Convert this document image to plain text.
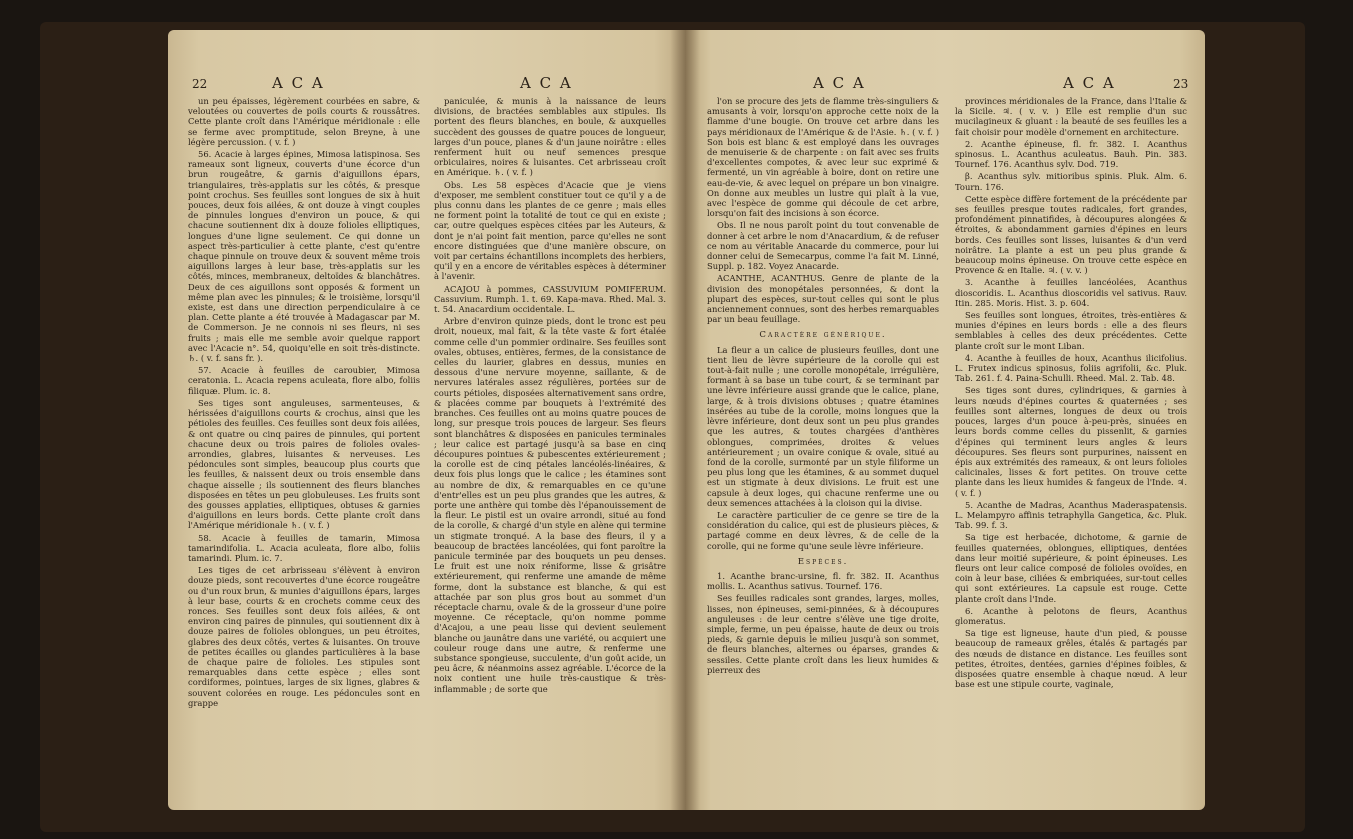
22	A C A	A C A

un peu épaisses, légèrement courbées en sabre, & veloutées ou couvertes de poils courts & roussâtres. Cette plante croît dans l'Amérique méridionale : elle se ferme avec promptitude, selon Breyne, à une légère percussion. ( v. f. )

56. Acacie à larges épines, Mimosa latispinosa. Ses rameaux sont ligneux, couverts d'une écorce d'un brun rougeâtre, & garnis d'aiguillons épars, triangulaires, très-applatis sur les côtés, & presque point crochus. Ses feuilles sont longues de six à huit pouces, deux fois ailées, & ont douze à vingt couples de pinnules longues d'environ un pouce, & qui chacune soutiennent dix à douze folioles elliptiques, longues d'une ligne seulement. Ce qui donne un aspect très-particulier à cette plante, c'est qu'entre chaque pinnule on trouve deux & souvent même trois aiguillons larges à leur base, très-applatis sur les côtés, minces, membraneux, deltoïdes & blanchâtres. Deux de ces aiguillons sont opposés & forment un même plan avec les pinnules; & le troisième, lorsqu'il existe, est dans une direction perpendiculaire à ce plan. Cette plante a été trouvée à Madagascar par M. de Commerson. Je ne connois ni ses fleurs, ni ses fruits ; mais elle me semble avoir quelque rapport avec l'Acacie n°. 54, quoiqu'elle en soit très-distincte. ♄. ( v. f. sans fr. ).

57. Acacie à feuilles de caroubier, Mimosa ceratonia. L. Acacia repens aculeata, flore albo, foliis filiquæ. Plum. ic. 8.

Ses tiges sont anguleuses, sarmenteuses, & hérissées d'aiguillons courts & crochus, ainsi que les pétioles des feuilles. Ces feuilles sont deux fois ailées, & ont quatre ou cinq paires de pinnules, qui portent chacune deux ou trois paires de folioles ovales-arrondies, glabres, luisantes & nerveuses. Les pédoncules sont simples, beaucoup plus courts que les feuilles, & naissent deux ou trois ensemble dans chaque aisselle ; ils soutiennent des fleurs blanches disposées en têtes un peu globuleuses. Les fruits sont des gousses applaties, elliptiques, obtuses & garnies d'aiguillons en leurs bords. Cette plante croît dans l'Amérique méridionale ♄. ( v. f. )

58. Acacie à feuilles de tamarin, Mimosa tamarindifolia. L. Acacia aculeata, flore albo, foliis tamarindi. Plum. ic. 7.

Les tiges de cet arbrisseau s'élèvent à environ douze pieds, sont recouvertes d'une écorce rougeâtre ou d'un roux brun, & munies d'aiguillons épars, larges à leur base, courts & en crochets comme ceux des ronces. Ses feuilles sont deux fois ailées, & ont environ cinq paires de pinnules, qui soutiennent dix à douze paires de folioles oblongues, un peu étroites, glabres des deux côtés, vertes & luisantes. On trouve de petites écailles ou glandes particulières à la base de chaque paire de folioles. Les stipules sont remarquables dans cette espèce ; elles sont cordiformes, pointues, larges de six lignes, glabres & souvent colorées en rouge. Les pédoncules sont en grappe

paniculée, & munis à la naissance de leurs divisions, de bractées semblables aux stipules. Ils portent des fleurs blanches, en boule, & auxquelles succèdent des gousses de quatre pouces de longueur, larges d'un pouce, planes & d'un jaune noirâtre : elles renferment huit ou neuf semences presque orbiculaires, noires & luisantes. Cet arbrisseau croît en Amérique. ♄. ( v. f. )

Obs. Les 58 espèces d'Acacie que je viens d'exposer, me semblent constituer tout ce qu'il y a de plus connu dans les plantes de ce genre ; mais elles ne forment point la totalité de tout ce qui en existe ; car, outre quelques espèces citées par les Auteurs, & dont je n'ai point fait mention, parce qu'elles ne sont encore distinguées que d'une manière obscure, on voit par certains échantillons incomplets des herbiers, qu'il y en a encore de véritables espèces à déterminer à l'avenir.

ACAJOU à pommes, CASSUVIUM POMIFERUM. Cassuvium. Rumph. 1. t. 69. Kapa-mava. Rhed. Mal. 3. t. 54. Anacardium occidentale. L.

Arbre d'environ quinze pieds, dont le tronc est peu droit, noueux, mal fait, & la tête vaste & fort étalée comme celle d'un pommier ordinaire. Ses feuilles sont ovales, obtuses, entières, fermes, de la consistance de celles du laurier, glabres en dessus, munies en dessous d'une nervure moyenne, saillante, & de nervures latérales assez régulières, portées sur de courts pétioles, disposées alternativement sans ordre, & placées comme par bouquets à l'extrémité des branches. Ces feuilles ont au moins quatre pouces de long, sur presque trois pouces de largeur. Ses fleurs sont blanchâtres & disposées en panicules terminales ; leur calice est partagé jusqu'à sa base en cinq découpures pointues & pubescentes extérieurement ; la corolle est de cinq pétales lancéolés-linéaires, & deux fois plus longs que le calice ; les étamines sont au nombre de dix, & remarquables en ce qu'une d'entr'elles est un peu plus grandes que les autres, & porte une anthère qui tombe dès l'épanouissement de la fleur. Le pistil est un ovaire arrondi, situé au fond de la corolle, & chargé d'un style en alène qui termine un stigmate tronqué. A la base des fleurs, il y a beaucoup de bractées lancéolées, qui font paroître la panicule terminée par des bouquets un peu denses. Le fruit est une noix réniforme, lisse & grisâtre extérieurement, qui renferme une amande de même forme, dont la substance est blanche, & qui est attachée par son plus gros bout au sommet d'un réceptacle charnu, ovale & de la grosseur d'une poire moyenne. Ce réceptacle, qu'on nomme pomme d'Acajou, a une peau lisse qui devient seulement blanche ou jaunâtre dans une variété, ou acquiert une couleur rouge dans une autre, & renferme une substance spongieuse, succulente, d'un goût acide, un peu âcre, & néanmoins assez agréable. L'écorce de la noix contient une huile très-caustique & très-inflammable ; de sorte que

A C A	A C A	23

l'on se procure des jets de flamme très-singuliers & amusants à voir, lorsqu'on approche cette noix de la flamme d'une bougie. On trouve cet arbre dans les pays méridionaux de l'Amérique & de l'Asie. ♄. ( v. f. ) Son bois est blanc & est employé dans les ouvrages de menuiserie & de charpente : on fait avec ses fruits d'excellentes compotes, & avec leur suc exprimé & fermenté, un vin agréable à boire, dont on retire une eau-de-vie, & avec lequel on prépare un bon vinaigre. On donne aux meubles un lustre qui plaît à la vue, avec l'espèce de gomme qui découle de cet arbre, lorsqu'on fait des incisions à son écorce.

Obs. Il ne nous paroît point du tout convenable de donner à cet arbre le nom d'Anacardium, & de refuser ce nom au véritable Anacarde du commerce, pour lui donner celui de Semecarpus, comme l'a fait M. Linné, Suppl. p. 182. Voyez Anacarde.

ACANTHE, ACANTHUS. Genre de plante de la division des monopétales personnées, & dont la plupart des espèces, sur-tout celles qui sont le plus anciennement connues, sont des herbes remarquables par un beau feuillage.

Caractère générique.

La fleur a un calice de plusieurs feuilles, dont une tient lieu de lèvre supérieure de la corolle qui est tout-à-fait nulle ; une corolle monopétale, irrégulière, formant à sa base un tube court, & se terminant par une lèvre inférieure aussi grande que le calice, plane, large, & à trois divisions obtuses ; quatre étamines insérées au tube de la corolle, moins longues que la lèvre inférieure, dont deux sont un peu plus grandes que les autres, & toutes chargées d'anthères oblongues, comprimées, droites & velues antérieurement ; un ovaire conique & ovale, situé au fond de la corolle, surmonté par un style filiforme un peu plus long que les étamines, & au sommet duquel est un stigmate à deux divisions. Le fruit est une capsule à deux loges, qui chacune renferme une ou deux semences attachées à la cloison qui la divise.

Le caractère particulier de ce genre se tire de la considération du calice, qui est de plusieurs pièces, & partagé comme en deux lèvres, & de celle de la corolle, qui ne forme qu'une seule lèvre inférieure.

Espèces.

1. Acanthe branc-ursine, fl. fr. 382. II. Acanthus mollis. L. Acanthus sativus. Tournef. 176.

Ses feuilles radicales sont grandes, larges, molles, lisses, non épineuses, semi-pinnées, & à découpures anguleuses : de leur centre s'élève une tige droite, simple, ferme, un peu épaisse, haute de deux ou trois pieds, & garnie depuis le milieu jusqu'à son sommet, de fleurs blanches, alternes ou éparses, grandes & sessiles. Cette plante croît dans les lieux humides & pierreux des

provinces méridionales de la France, dans l'Italie & la Sicile. ♃. ( v. v. ) Elle est remplie d'un suc mucilagineux & gluant : la beauté de ses feuilles les a fait choisir pour modèle d'ornement en architecture.

2. Acanthe épineuse, fl. fr. 382. I. Acanthus spinosus. L. Acanthus aculeatus. Bauh. Pin. 383. Tournef. 176. Acanthus sylv. Dod. 719.

β. Acanthus sylv. mitioribus spinis. Pluk. Alm. 6. Tourn. 176.

Cette espèce diffère fortement de la précédente par ses feuilles presque toutes radicales, fort grandes, profondément pinnatifides, à découpures alongées & étroites, & abondamment garnies d'épines en leurs bords. Ces feuilles sont lisses, luisantes & d'un verd noirâtre. La plante a est un peu plus grande & beaucoup moins épineuse. On trouve cette espèce en Provence & en Italie. ♃. ( v. v. )

3. Acanthe à feuilles lancéolées, Acanthus dioscoridis. L. Acanthus dioscoridis vel sativus. Rauv. Itin. 285. Moris. Hist. 3. p. 604.

Ses feuilles sont longues, étroites, très-entières & munies d'épines en leurs bords : elle a des fleurs semblables à celles des deux précédentes. Cette plante croît sur le mont Liban.

4. Acanthe à feuilles de houx, Acanthus ilicifolius. L. Frutex indicus spinosus, foliis agrifolii, &c. Pluk. Tab. 261. f. 4. Paina-Schulli. Rheed. Mal. 2. Tab. 48.

Ses tiges sont dures, cylindriques, & garnies à leurs nœuds d'épines courtes & quaternées ; ses feuilles sont alternes, longues de deux ou trois pouces, larges d'un pouce à-peu-près, sinuées en leurs bords comme celles du pissenlit, & garnies d'épines qui terminent leurs angles & leurs découpures. Ses fleurs sont purpurines, naissent en épis aux extrémités des rameaux, & ont leurs folioles calicinales, lisses & fort petites. On trouve cette plante dans les lieux humides & fangeux de l'Inde. ♃. ( v. f. )

5. Acanthe de Madras, Acanthus Maderaspatensis. L. Melampyro affinis tetraphylla Gangetica, &c. Pluk. Tab. 99. f. 3.

Sa tige est herbacée, dichotome, & garnie de feuilles quaternées, oblongues, elliptiques, dentées dans leur moitié supérieure, & point épineuses. Les fleurs ont leur calice composé de folioles ovoïdes, en coin à leur base, ciliées & embriquées, sur-tout celles qui sont extérieures. La capsule est rouge. Cette plante croît dans l'Inde.

6. Acanthe à pelotons de fleurs, Acanthus glomeratus.

Sa tige est ligneuse, haute d'un pied, & pousse beaucoup de rameaux grêles, étalés & partagés par des nœuds de distance en distance. Les feuilles sont petites, étroites, dentées, garnies d'épines foibles, & disposées quatre ensemble à chaque nœud. A leur base est une stipule courte, vaginale,
